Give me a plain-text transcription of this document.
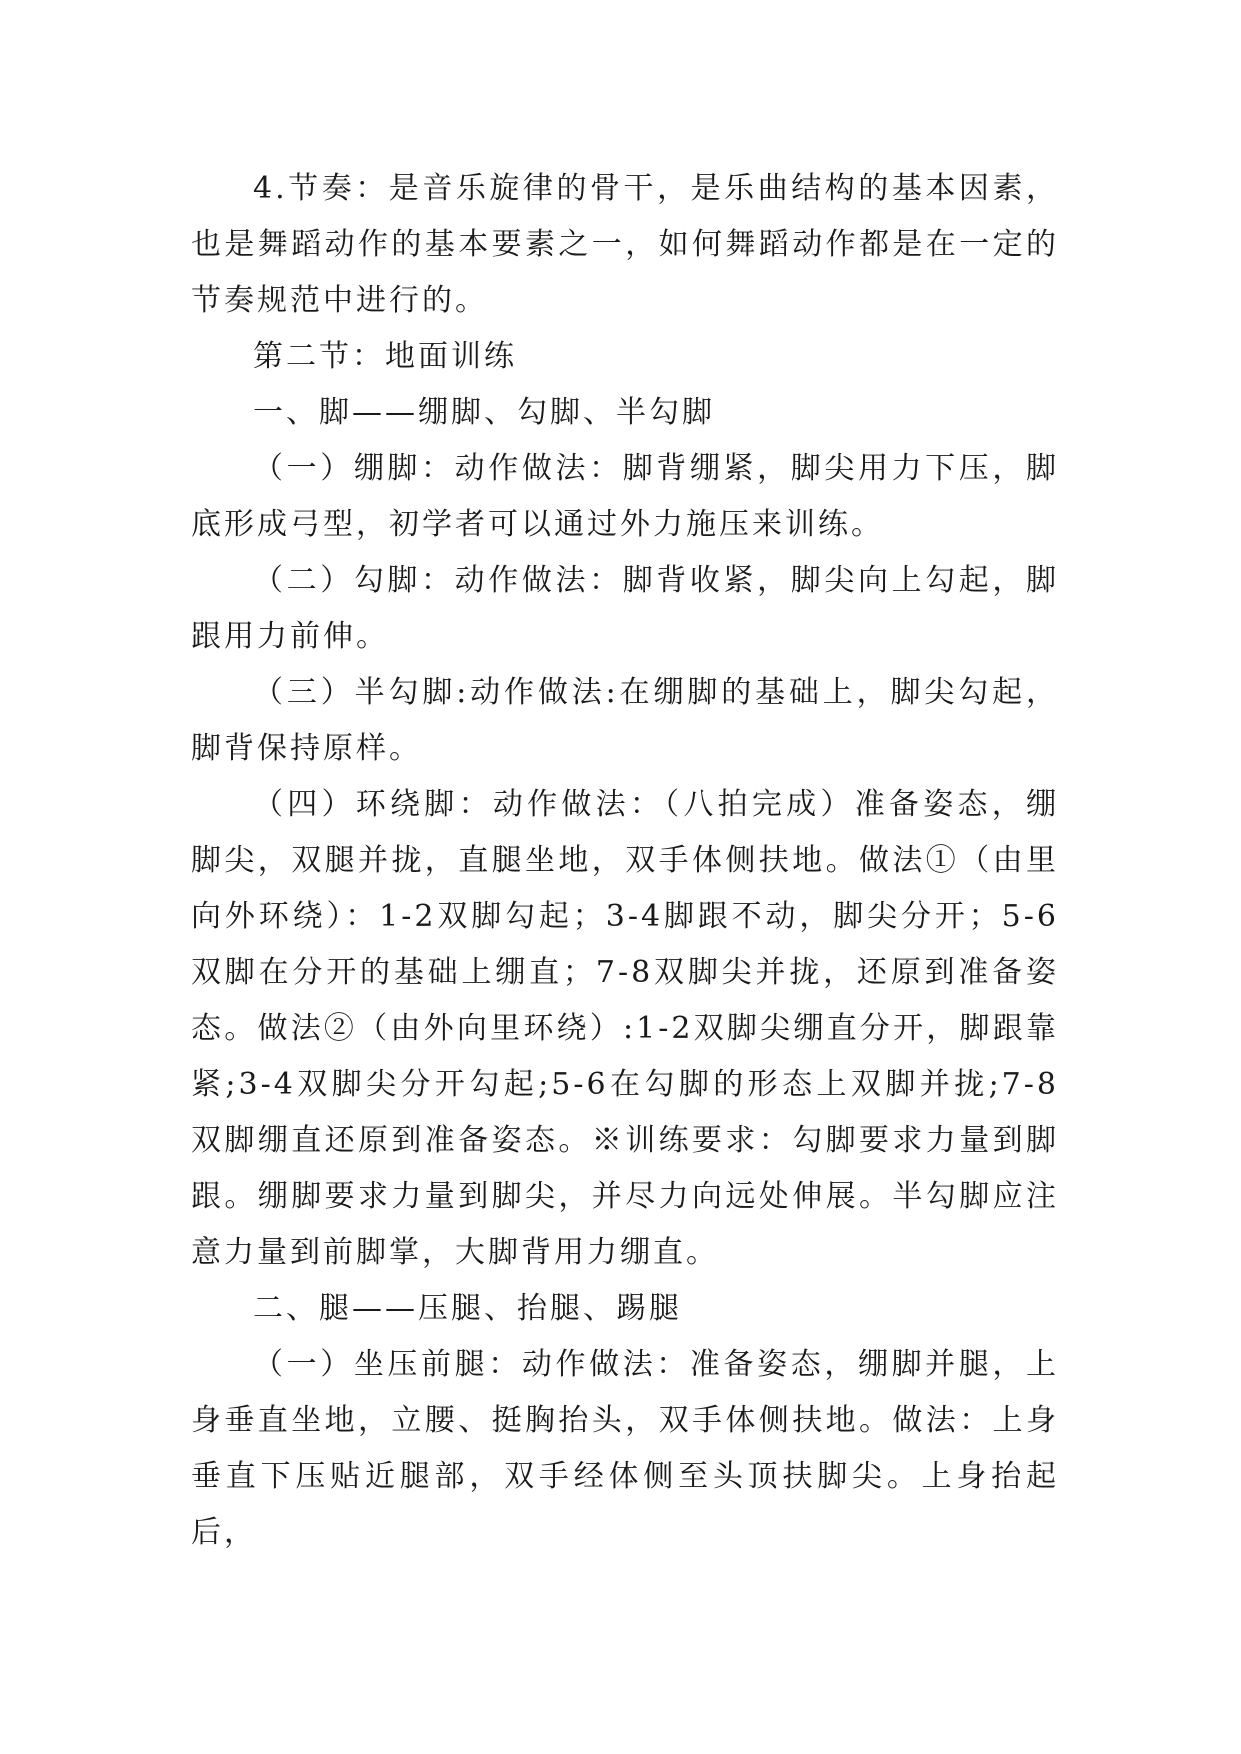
4.节奏：是音乐旋律的骨干，是乐曲结构的基本因素，也是舞蹈动作的基本要素之一，如何舞蹈动作都是在一定的节奏规范中进行的。

第二节：地面训练

一、脚——绷脚、勾脚、半勾脚

（一）绷脚：动作做法：脚背绷紧，脚尖用力下压，脚底形成弓型，初学者可以通过外力施压来训练。

（二）勾脚：动作做法：脚背收紧，脚尖向上勾起，脚跟用力前伸。

（三）半勾脚:动作做法:在绷脚的基础上，脚尖勾起，脚背保持原样。

（四）环绕脚：动作做法：（八拍完成）准备姿态，绷脚尖，双腿并拢，直腿坐地，双手体侧扶地。做法①（由里向外环绕）：1-2双脚勾起；3-4脚跟不动，脚尖分开；5-6双脚在分开的基础上绷直；7-8双脚尖并拢，还原到准备姿态。做法②（由外向里环绕）:1-2双脚尖绷直分开，脚跟靠紧;3-4双脚尖分开勾起;5-6在勾脚的形态上双脚并拢;7-8双脚绷直还原到准备姿态。※训练要求：勾脚要求力量到脚跟。绷脚要求力量到脚尖，并尽力向远处伸展。半勾脚应注意力量到前脚掌，大脚背用力绷直。

二、腿——压腿、抬腿、踢腿

（一）坐压前腿：动作做法：准备姿态，绷脚并腿，上身垂直坐地，立腰、挺胸抬头，双手体侧扶地。做法：上身垂直下压贴近腿部，双手经体侧至头顶扶脚尖。上身抬起后，
